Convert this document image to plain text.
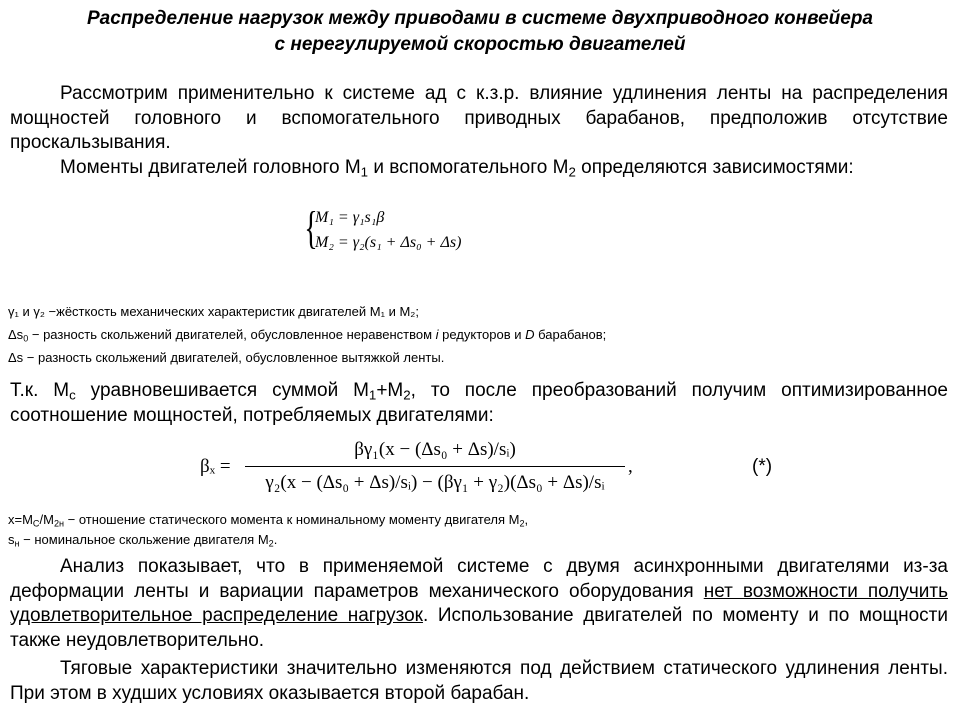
Распределение нагрузок между приводами в системе двухприводного конвейера
с нерегулируемой скоростью двигателей
Рассмотрим применительно к системе ад с к.з.р. влияние удлинения ленты на распределения мощностей головного и вспомогательного приводных барабанов, предположив отсутствие проскальзывания.
Моменты двигателей головного $М_1$ и вспомогательного $М_2$ определяются зависимостями:
{
M₁ = γ₁s₁β
M₂ = γ₂(s₁ + Δs₀ + Δs)
γ₁ и γ₂ −жёсткость механических характеристик двигателей М₁ и М₂;
$\Delta s_0$ − разность скольжений двигателей, обусловленное неравенством i редукторов и D барабанов;
Δs − разность скольжений двигателей, обусловленное вытяжкой ленты.
Т.к. $М_c$ уравновешивается суммой $М_1+М_2$, то после преобразований получим оптимизированное соотношение мощностей, потребляемых двигателями:
βₓ =
βγ₁(x − (Δs₀ + Δs)/sᵢ)
γ₂(x − (Δs₀ + Δs)/sᵢ) − (βγ₁ + γ₂)(Δs₀ + Δs)/sᵢ
,	(*)
$x=M_C/M_{2н}$ − отношение статического момента к номинальному моменту двигателя $М_2$,
$s_н$ − номинальное скольжение двигателя $М_2$.
Анализ показывает, что в применяемой системе с двумя асинхронными двигателями из-за деформации ленты и вариации параметров механического оборудования нет возможности получить удовлетворительное распределение нагрузок. Использование двигателей по моменту и по мощности также неудовлетворительно.
Тяговые характеристики значительно изменяются под действием статического удлинения ленты. При этом в худших условиях оказывается второй барабан.
